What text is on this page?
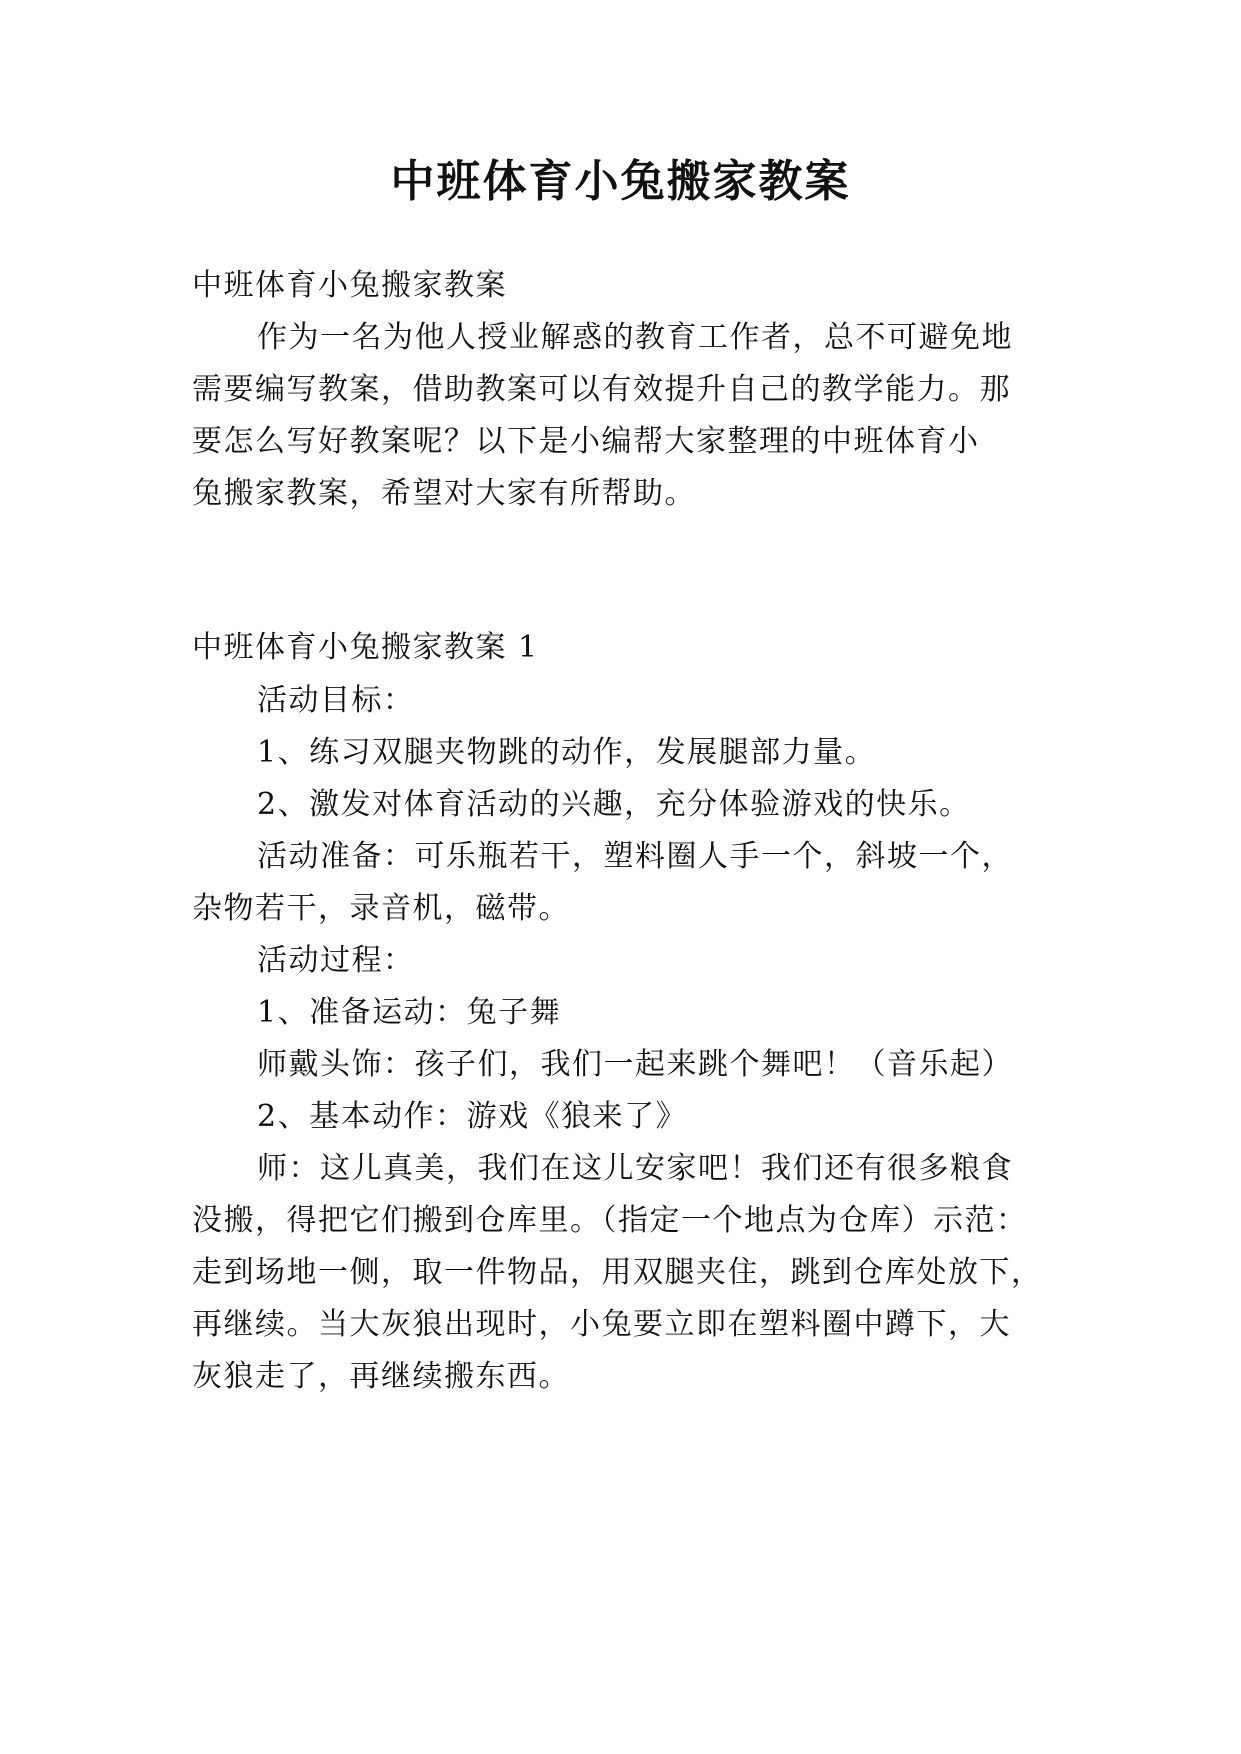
中班体育小兔搬家教案
中班体育小兔搬家教案
作为一名为他人授业解惑的教育工作者，总不可避免地
需要编写教案，借助教案可以有效提升自己的教学能力。那
要怎么写好教案呢？以下是小编帮大家整理的中班体育小
兔搬家教案，希望对大家有所帮助。
中班体育小兔搬家教案 1
活动目标：
1、练习双腿夹物跳的动作，发展腿部力量。
2、激发对体育活动的兴趣，充分体验游戏的快乐。
活动准备：可乐瓶若干，塑料圈人手一个，斜坡一个，
杂物若干，录音机，磁带。
活动过程：
1、准备运动：兔子舞
师戴头饰：孩子们，我们一起来跳个舞吧！（音乐起）
2、基本动作：游戏《狼来了》
师：这儿真美，我们在这儿安家吧！我们还有很多粮食
没搬，得把它们搬到仓库里。（指定一个地点为仓库）示范：
走到场地一侧，取一件物品，用双腿夹住，跳到仓库处放下，
再继续。当大灰狼出现时，小兔要立即在塑料圈中蹲下，大
灰狼走了，再继续搬东西。
